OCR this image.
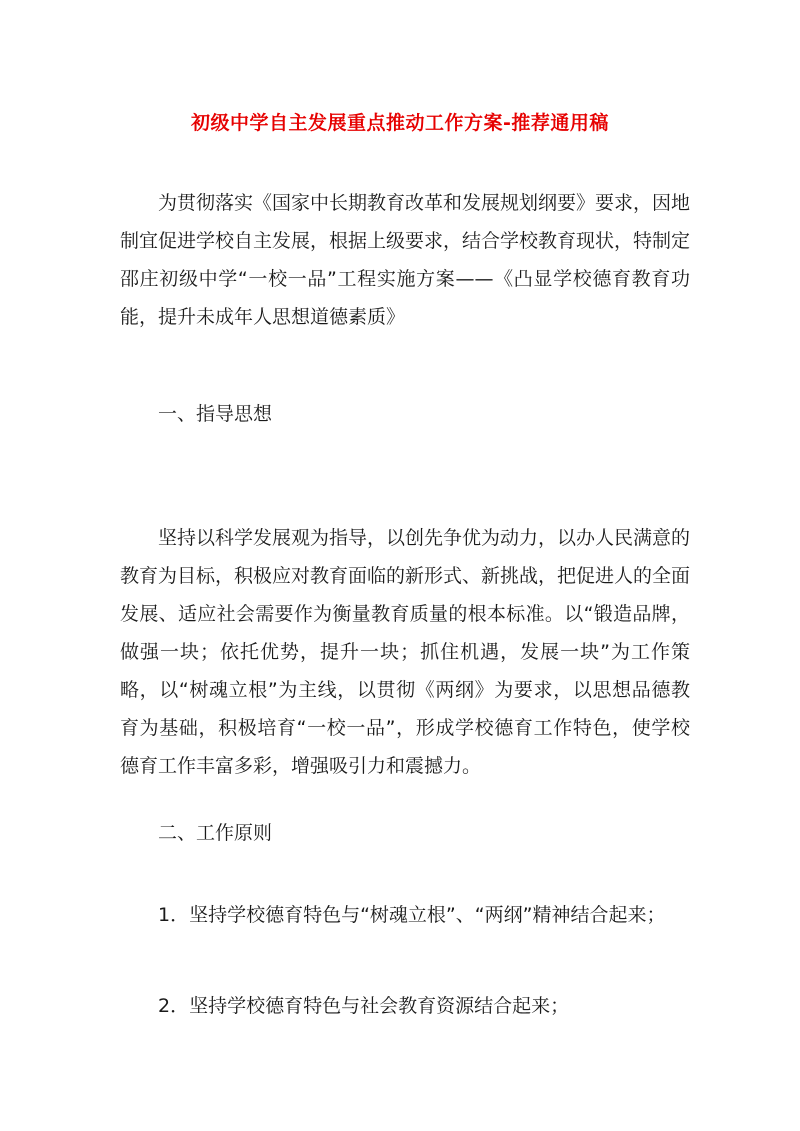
初级中学自主发展重点推动工作方案-推荐通用稿

为贯彻落实《国家中长期教育改革和发展规划纲要》要求，因地制宜促进学校自主发展，根据上级要求，结合学校教育现状，特制定邵庄初级中学“一校一品”工程实施方案——《凸显学校德育教育功能，提升未成年人思想道德素质》

一、指导思想

坚持以科学发展观为指导，以创先争优为动力，以办人民满意的教育为目标，积极应对教育面临的新形式、新挑战，把促进人的全面发展、适应社会需要作为衡量教育质量的根本标准。以“锻造品牌，做强一块；依托优势，提升一块；抓住机遇，发展一块”为工作策略，以“树魂立根”为主线，以贯彻《两纲》为要求，以思想品德教育为基础，积极培育“一校一品”，形成学校德育工作特色，使学校德育工作丰富多彩，增强吸引力和震撼力。

二、工作原则

1．坚持学校德育特色与“树魂立根”、“两纲”精神结合起来；

2．坚持学校德育特色与社会教育资源结合起来；
